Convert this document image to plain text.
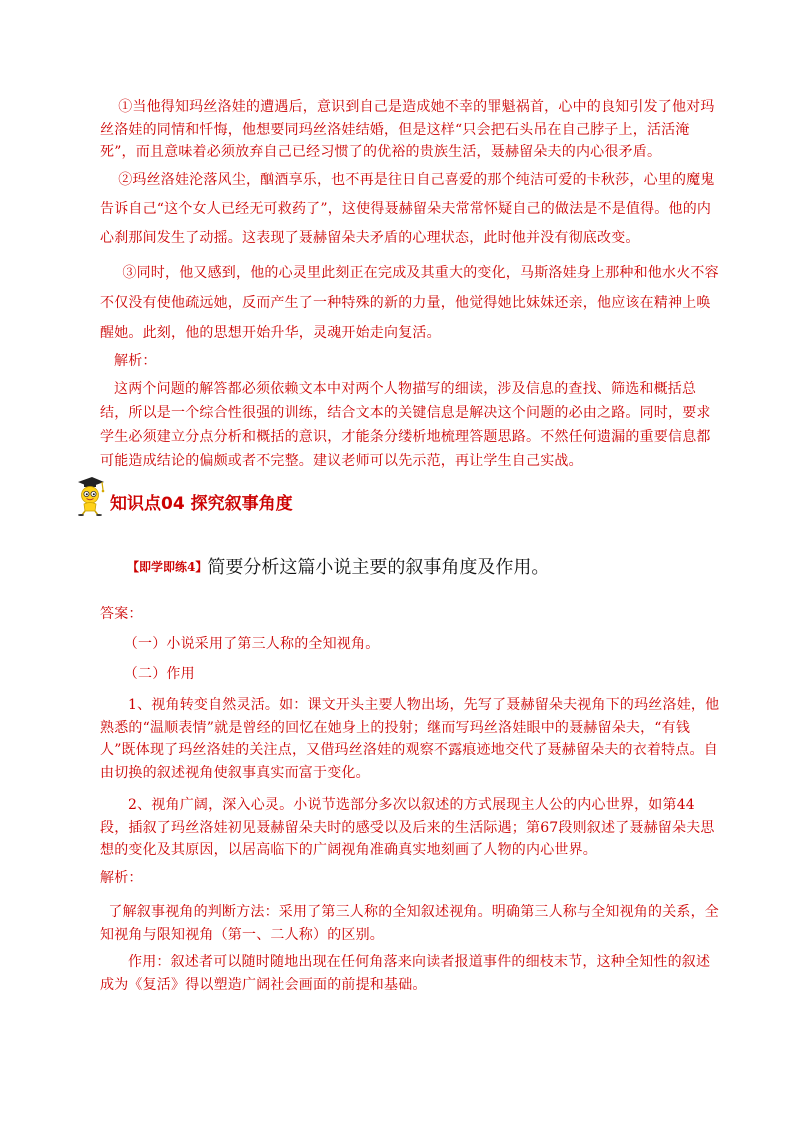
①当他得知玛丝洛娃的遭遇后，意识到自己是造成她不幸的罪魁祸首，心中的良知引发了他对玛丝洛娃的同情和忏悔，他想要同玛丝洛娃结婚，但是这样“只会把石头吊在自己脖子上，活活淹死”，而且意味着必须放弃自己已经习惯了的优裕的贵族生活，聂赫留朵夫的内心很矛盾。

②玛丝洛娃沦落风尘，酗酒享乐，也不再是往日自己喜爱的那个纯洁可爱的卡秋莎，心里的魔鬼告诉自己“这个女人已经无可救药了”，这使得聂赫留朵夫常常怀疑自己的做法是不是值得。他的内心刹那间发生了动摇。这表现了聂赫留朵夫矛盾的心理状态，此时他并没有彻底改变。

③同时，他又感到，他的心灵里此刻正在完成及其重大的变化，马斯洛娃身上那种和他水火不容不仅没有使他疏远她，反而产生了一种特殊的新的力量，他觉得她比妹妹还亲，他应该在精神上唤醒她。此刻，他的思想开始升华，灵魂开始走向复活。

解析：

这两个问题的解答都必须依赖文本中对两个人物描写的细读，涉及信息的查找、筛选和概括总结，所以是一个综合性很强的训练，结合文本的关键信息是解决这个问题的必由之路。同时，要求学生必须建立分点分析和概括的意识，才能条分缕析地梳理答题思路。不然任何遗漏的重要信息都可能造成结论的偏颇或者不完整。建议老师可以先示范，再让学生自己实战。

知识点04 探究叙事角度
【即学即练4】简要分析这篇小说主要的叙事角度及作用。

答案：

（一）小说采用了第三人称的全知视角。

（二）作用

1、视角转变自然灵活。如：课文开头主要人物出场，先写了聂赫留朵夫视角下的玛丝洛娃，他熟悉的“温顺表情”就是曾经的回忆在她身上的投射；继而写玛丝洛娃眼中的聂赫留朵夫，“有钱人”既体现了玛丝洛娃的关注点，又借玛丝洛娃的观察不露痕迹地交代了聂赫留朵夫的衣着特点。自由切换的叙述视角使叙事真实而富于变化。

2、视角广阔，深入心灵。小说节选部分多次以叙述的方式展现主人公的内心世界，如第44段，插叙了玛丝洛娃初见聂赫留朵夫时的感受以及后来的生活际遇；第67段则叙述了聂赫留朵夫思想的变化及其原因，以居高临下的广阔视角准确真实地刻画了人物的内心世界。

解析：

了解叙事视角的判断方法：采用了第三人称的全知叙述视角。明确第三人称与全知视角的关系，全知视角与限知视角（第一、二人称）的区别。

作用：叙述者可以随时随地出现在任何角落来向读者报道事件的细枝末节，这种全知性的叙述成为《复活》得以塑造广阔社会画面的前提和基础。
